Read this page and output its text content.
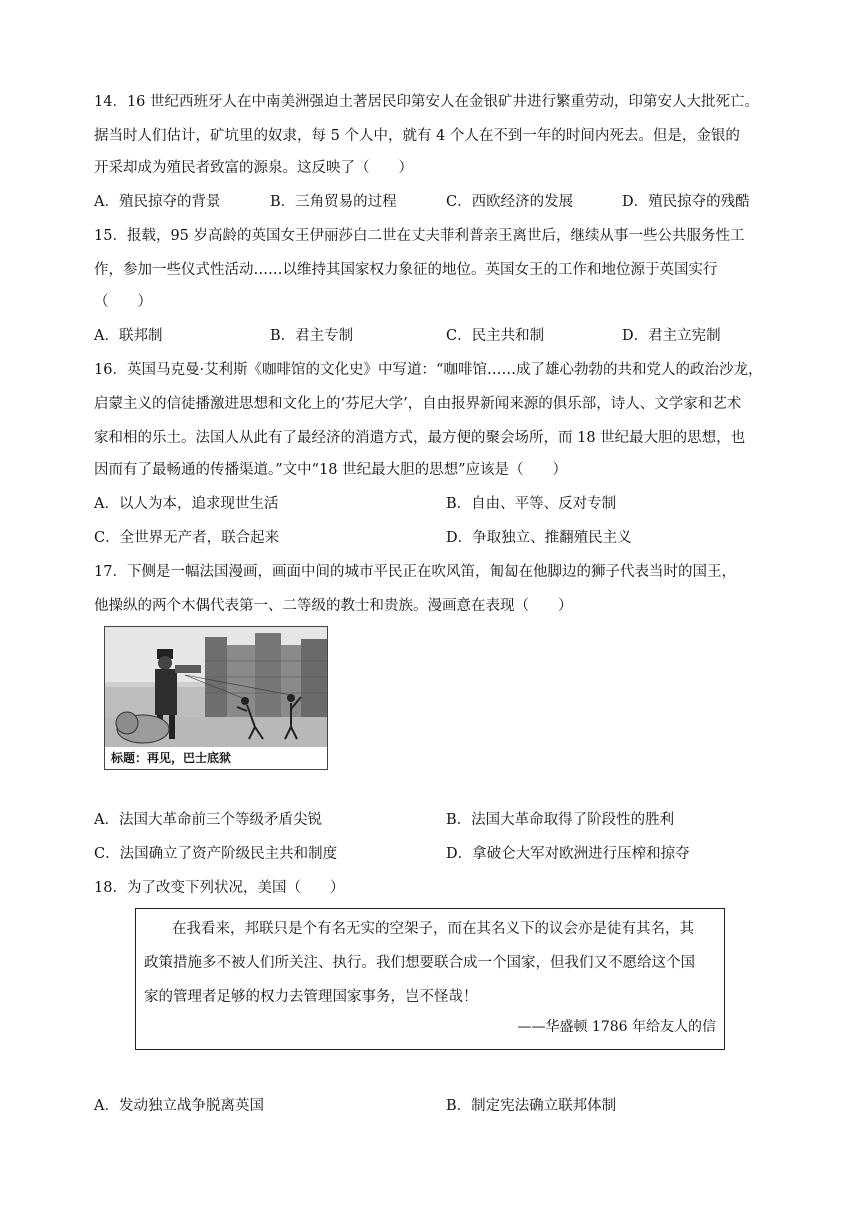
14．16 世纪西班牙人在中南美洲强迫土著居民印第安人在金银矿井进行繁重劳动，印第安人大批死亡。
据当时人们估计，矿坑里的奴隶，每 5 个人中，就有 4 个人在不到一年的时间内死去。但是，金银的
开采却成为殖民者致富的源泉。这反映了（　　）
A．殖民掠夺的背景	B．三角贸易的过程	C．西欧经济的发展	D．殖民掠夺的残酷
15．报载，95 岁高龄的英国女王伊丽莎白二世在丈夫菲利普亲王离世后，继续从事一些公共服务性工
作，参加一些仪式性活动……以维持其国家权力象征的地位。英国女王的工作和地位源于英国实行
（　　）
A．联邦制	B．君主专制	C．民主共和制	D．君主立宪制
16．英国马克曼·艾利斯《咖啡馆的文化史》中写道：“咖啡馆……成了雄心勃勃的共和党人的政治沙龙，
启蒙主义的信徒播激进思想和文化上的‘芬尼大学’，自由报界新闻来源的俱乐部，诗人、文学家和艺术
家和相的乐土。法国人从此有了最经济的消遣方式，最方便的聚会场所，而 18 世纪最大胆的思想，也
因而有了最畅通的传播渠道。”文中“18 世纪最大胆的思想”应该是（　　）
A．以人为本，追求现世生活	B．自由、平等、反对专制
C．全世界无产者，联合起来	D．争取独立、推翻殖民主义
17．下侧是一幅法国漫画，画面中间的城市平民正在吹风笛，匍匐在他脚边的狮子代表当时的国王，
他操纵的两个木偶代表第一、二等级的教士和贵族。漫画意在表现（　　）
标题：再见，巴士底狱
A．法国大革命前三个等级矛盾尖锐	B．法国大革命取得了阶段性的胜利
C．法国确立了资产阶级民主共和制度	D．拿破仑大军对欧洲进行压榨和掠夺
18．为了改变下列状况，美国（　　）
在我看来，邦联只是个有名无实的空架子，而在其名义下的议会亦是徒有其名，其
政策措施多不被人们所关注、执行。我们想要联合成一个国家，但我们又不愿给这个国
家的管理者足够的权力去管理国家事务，岂不怪哉！
——华盛顿 1786 年给友人的信
A．发动独立战争脱离英国	B．制定宪法确立联邦体制
